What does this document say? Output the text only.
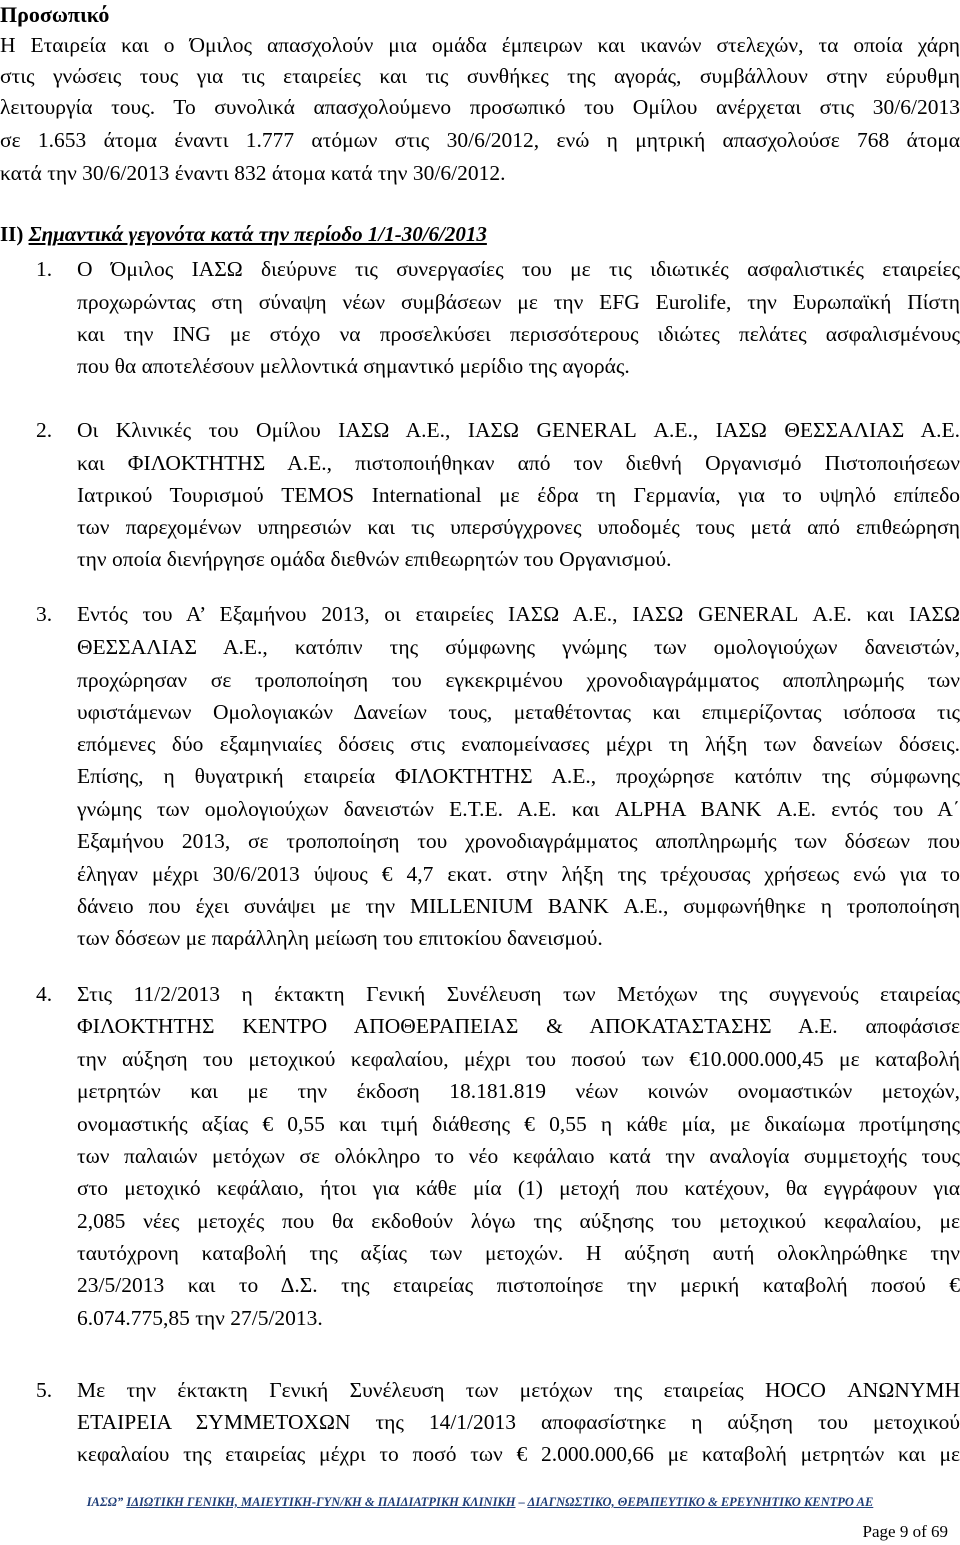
Προσωπικό
Η Εταιρεία και ο Όμιλος απασχολούν μια ομάδα έμπειρων και ικανών στελεχών, τα οποία χάρη
στις γνώσεις τους για τις εταιρείες και τις συνθήκες της αγοράς, συμβάλλουν στην εύρυθμη
λειτουργία τους. Το συνολικά απασχολούμενο προσωπικό του Ομίλου ανέρχεται στις 30/6/2013
σε 1.653 άτομα έναντι 1.777 ατόμων στις 30/6/2012, ενώ η μητρική απασχολούσε 768 άτομα
κατά την 30/6/2013 έναντι 832 άτομα κατά την 30/6/2012.
ΙΙ) Σημαντικά γεγονότα κατά την περίοδο 1/1-30/6/2013
1. Ο Όμιλος ΙΑΣΩ διεύρυνε τις συνεργασίες του με τις ιδιωτικές ασφαλιστικές εταιρείες
προχωρώντας στη σύναψη νέων συμβάσεων με την EFG Eurolife, την Ευρωπαϊκή Πίστη
και την ING με στόχο να προσελκύσει περισσότερους ιδιώτες πελάτες ασφαλισμένους
που θα αποτελέσουν μελλοντικά σημαντικό μερίδιο της αγοράς.
2. Οι Κλινικές του Ομίλου ΙΑΣΩ Α.Ε., ΙΑΣΩ GENERAL Α.Ε., ΙΑΣΩ ΘΕΣΣΑΛΙΑΣ Α.Ε.
και ΦΙΛΟΚΤΗΤΗΣ Α.Ε., πιστοποιήθηκαν από τον διεθνή Οργανισμό Πιστοποιήσεων
Ιατρικού Τουρισμού TEMOS International με έδρα τη Γερμανία, για το υψηλό επίπεδο
των παρεχομένων υπηρεσιών και τις υπερσύγχρονες υποδομές τους μετά από επιθεώρηση
την οποία διενήργησε ομάδα διεθνών επιθεωρητών του Οργανισμού.
3. Εντός του Α’ Εξαμήνου 2013, οι εταιρείες ΙΑΣΩ Α.Ε., ΙΑΣΩ GENERAL Α.Ε. και ΙΑΣΩ
ΘΕΣΣΑΛΙΑΣ Α.Ε., κατόπιν της σύμφωνης γνώμης των ομολογιούχων δανειστών,
προχώρησαν σε τροποποίηση του εγκεκριμένου χρονοδιαγράμματος αποπληρωμής των
υφιστάμενων Ομολογιακών Δανείων τους, μεταθέτοντας και επιμερίζοντας ισόποσα τις
επόμενες δύο εξαμηνιαίες δόσεις στις εναπομείνασες μέχρι τη λήξη των δανείων δόσεις.
Επίσης, η θυγατρική εταιρεία ΦΙΛΟΚΤΗΤΗΣ Α.Ε., προχώρησε κατόπιν της σύμφωνης
γνώμης των ομολογιούχων δανειστών Ε.Τ.Ε. Α.Ε. και ALPHA BANK Α.Ε. εντός του Α΄
Εξαμήνου 2013, σε τροποποίηση του χρονοδιαγράμματος αποπληρωμής των δόσεων που
έληγαν μέχρι 30/6/2013 ύψους € 4,7 εκατ. στην λήξη της τρέχουσας χρήσεως ενώ για το
δάνειο που έχει συνάψει με την MILLENIUM BANK Α.Ε., συμφωνήθηκε η τροποποίηση
των δόσεων με παράλληλη μείωση του επιτοκίου δανεισμού.
4. Στις 11/2/2013 η έκτακτη Γενική Συνέλευση των Μετόχων της συγγενούς εταιρείας
ΦΙΛΟΚΤΗΤΗΣ ΚΕΝΤΡΟ ΑΠΟΘΕΡΑΠΕΙΑΣ & ΑΠΟΚΑΤΑΣΤΑΣΗΣ Α.Ε. αποφάσισε
την αύξηση του μετοχικού κεφαλαίου, μέχρι του ποσού των €10.000.000,45 με καταβολή
μετρητών και με την έκδοση 18.181.819 νέων κοινών ονομαστικών μετοχών,
ονομαστικής αξίας € 0,55 και τιμή διάθεσης € 0,55 η κάθε μία, με δικαίωμα προτίμησης
των παλαιών μετόχων σε ολόκληρο το νέο κεφάλαιο κατά την αναλογία συμμετοχής τους
στο μετοχικό κεφάλαιο, ήτοι για κάθε μία (1) μετοχή που κατέχουν, θα εγγράφουν για
2,085 νέες μετοχές που θα εκδοθούν λόγω της αύξησης του μετοχικού κεφαλαίου, με
ταυτόχρονη καταβολή της αξίας των μετοχών. Η αύξηση αυτή ολοκληρώθηκε την
23/5/2013 και το Δ.Σ. της εταιρείας πιστοποίησε την μερική καταβολή ποσού €
6.074.775,85 την 27/5/2013.
5. Με την έκτακτη Γενική Συνέλευση των μετόχων της εταιρείας HOCO ΑΝΩΝΥΜΗ
ΕΤΑΙΡΕΙΑ ΣΥΜΜΕΤΟΧΩΝ της 14/1/2013 αποφασίστηκε η αύξηση του μετοχικού
κεφαλαίου της εταιρείας μέχρι το ποσό των € 2.000.000,66 με καταβολή μετρητών και με
ΙΑΣΩ” ΙΔΙΩΤΙΚΗ ΓΕΝΙΚΗ, ΜΑΙΕΥΤΙΚΗ-ΓΥΝ/ΚΗ & ΠΑΙΔΙΑΤΡΙΚΗ ΚΛΙΝΙΚΗ – ΔΙΑΓΝΩΣΤΙΚΟ, ΘΕΡΑΠΕΥΤΙΚΟ & ΕΡΕΥΝΗΤΙΚΟ ΚΕΝΤΡΟ ΑΕ
Page 9 of 69
